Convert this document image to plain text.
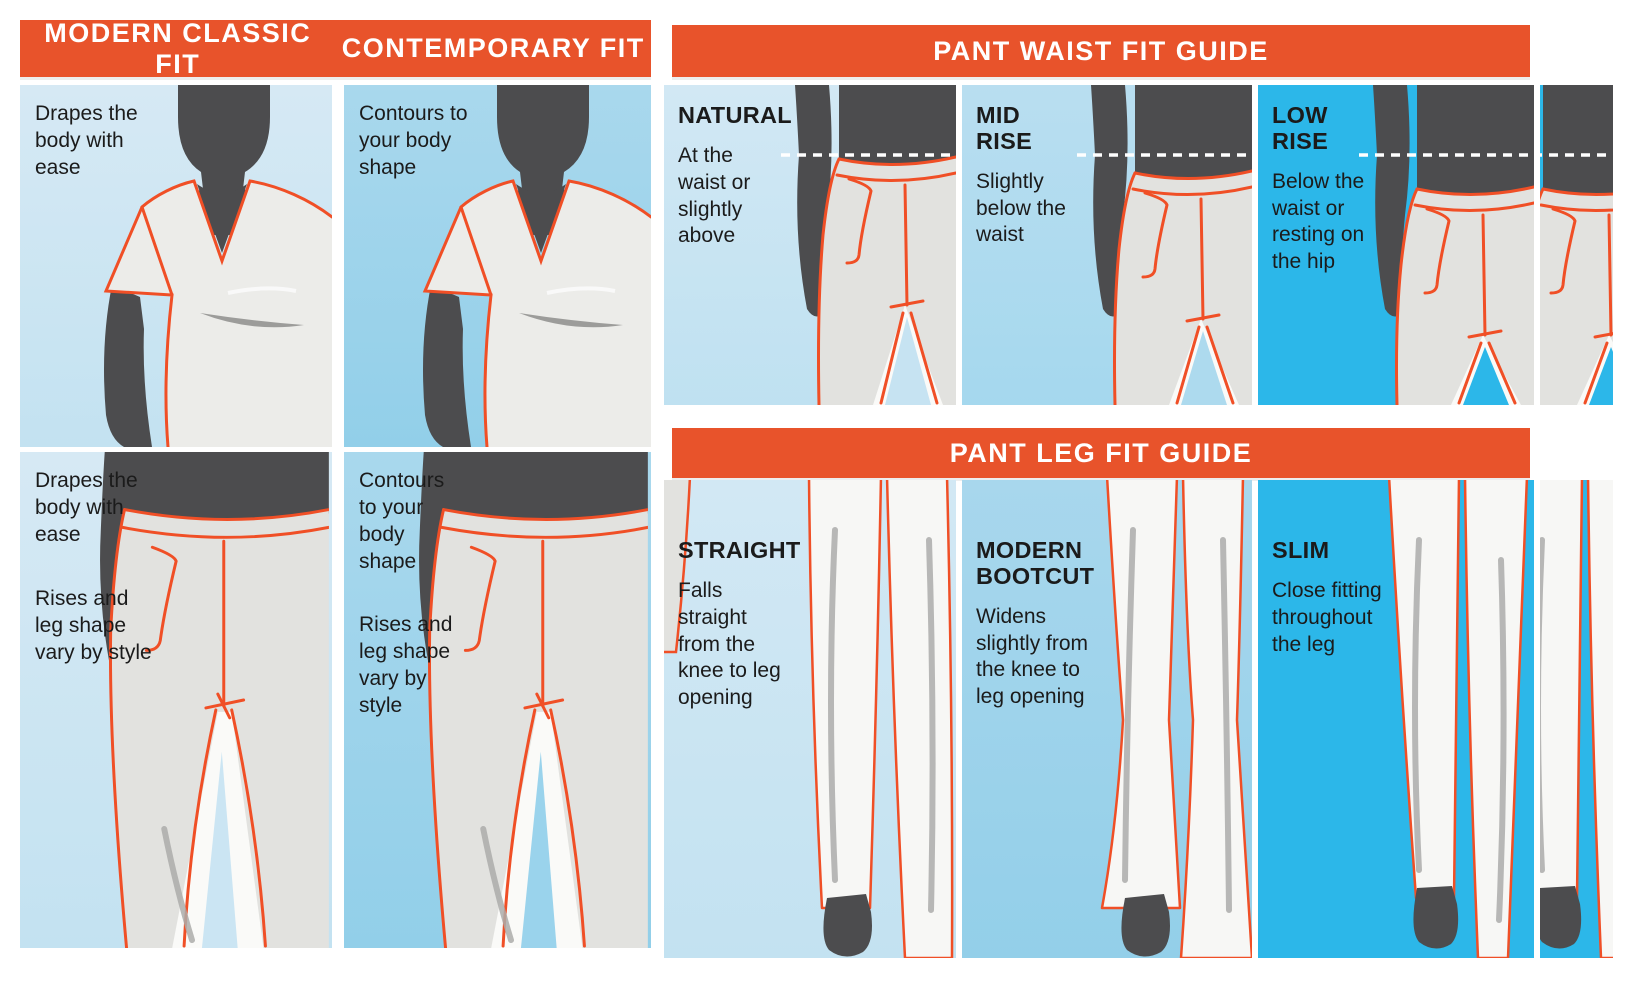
MODERN CLASSIC FIT
CONTEMPORARY FIT

Drapes the body with ease

Contours to your body shape

Drapes the body with ease

Rises and leg shape vary by style

Contours to your body shape

Rises and leg shape vary by style

PANT WAIST FIT GUIDE

NATURAL

At the waist or slightly above

MID RISE

Slightly below the waist

LOW RISE

Below the waist or resting on the hip

PANT LEG FIT GUIDE

STRAIGHT

Falls straight from the knee to leg opening

MODERN BOOTCUT

Widens slightly from the knee to leg opening

SLIM

Close fitting throughout the leg
